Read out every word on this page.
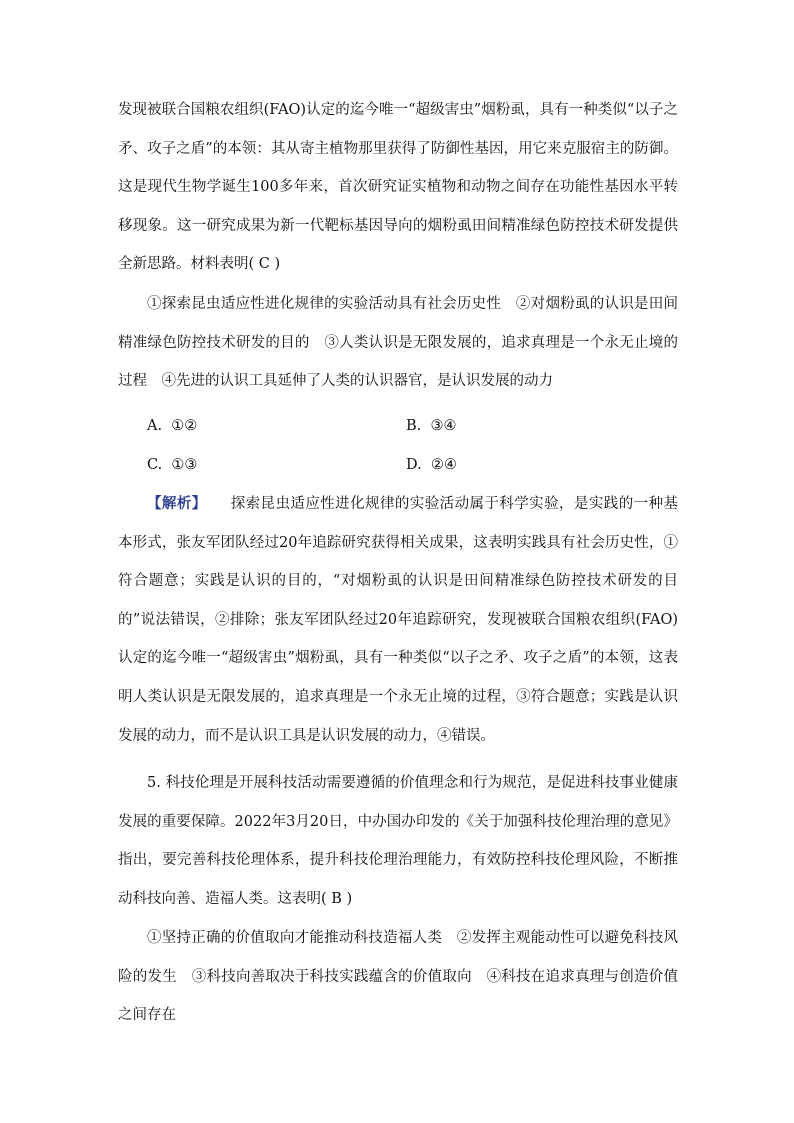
发现被联合国粮农组织(FAO)认定的迄今唯一“超级害虫”烟粉虱，具有一种类似“以子之矛、攻子之盾”的本领：其从寄主植物那里获得了防御性基因，用它来克服宿主的防御。这是现代生物学诞生100多年来，首次研究证实植物和动物之间存在功能性基因水平转移现象。这一研究成果为新一代靶标基因导向的烟粉虱田间精准绿色防控技术研发提供全新思路。材料表明( C )
①探索昆虫适应性进化规律的实验活动具有社会历史性　②对烟粉虱的认识是田间精准绿色防控技术研发的目的　③人类认识是无限发展的，追求真理是一个永无止境的过程　④先进的认识工具延伸了人类的认识器官，是认识发展的动力
A.  ①②	B.  ③④
C.  ①③	D.  ②④
【解析】 探索昆虫适应性进化规律的实验活动属于科学实验，是实践的一种基本形式，张友军团队经过20年追踪研究获得相关成果，这表明实践具有社会历史性，①符合题意；实践是认识的目的，“对烟粉虱的认识是田间精准绿色防控技术研发的目的”说法错误，②排除；张友军团队经过20年追踪研究，发现被联合国粮农组织(FAO)认定的迄今唯一“超级害虫”烟粉虱，具有一种类似“以子之矛、攻子之盾”的本领，这表明人类认识是无限发展的，追求真理是一个永无止境的过程，③符合题意；实践是认识发展的动力，而不是认识工具是认识发展的动力，④错误。
5. 科技伦理是开展科技活动需要遵循的价值理念和行为规范，是促进科技事业健康发展的重要保障。2022年3月20日，中办国办印发的《关于加强科技伦理治理的意见》指出，要完善科技伦理体系，提升科技伦理治理能力，有效防控科技伦理风险，不断推动科技向善、造福人类。这表明( B )
①坚持正确的价值取向才能推动科技造福人类　②发挥主观能动性可以避免科技风险的发生　③科技向善取决于科技实践蕴含的价值取向　④科技在追求真理与创造价值之间存在
